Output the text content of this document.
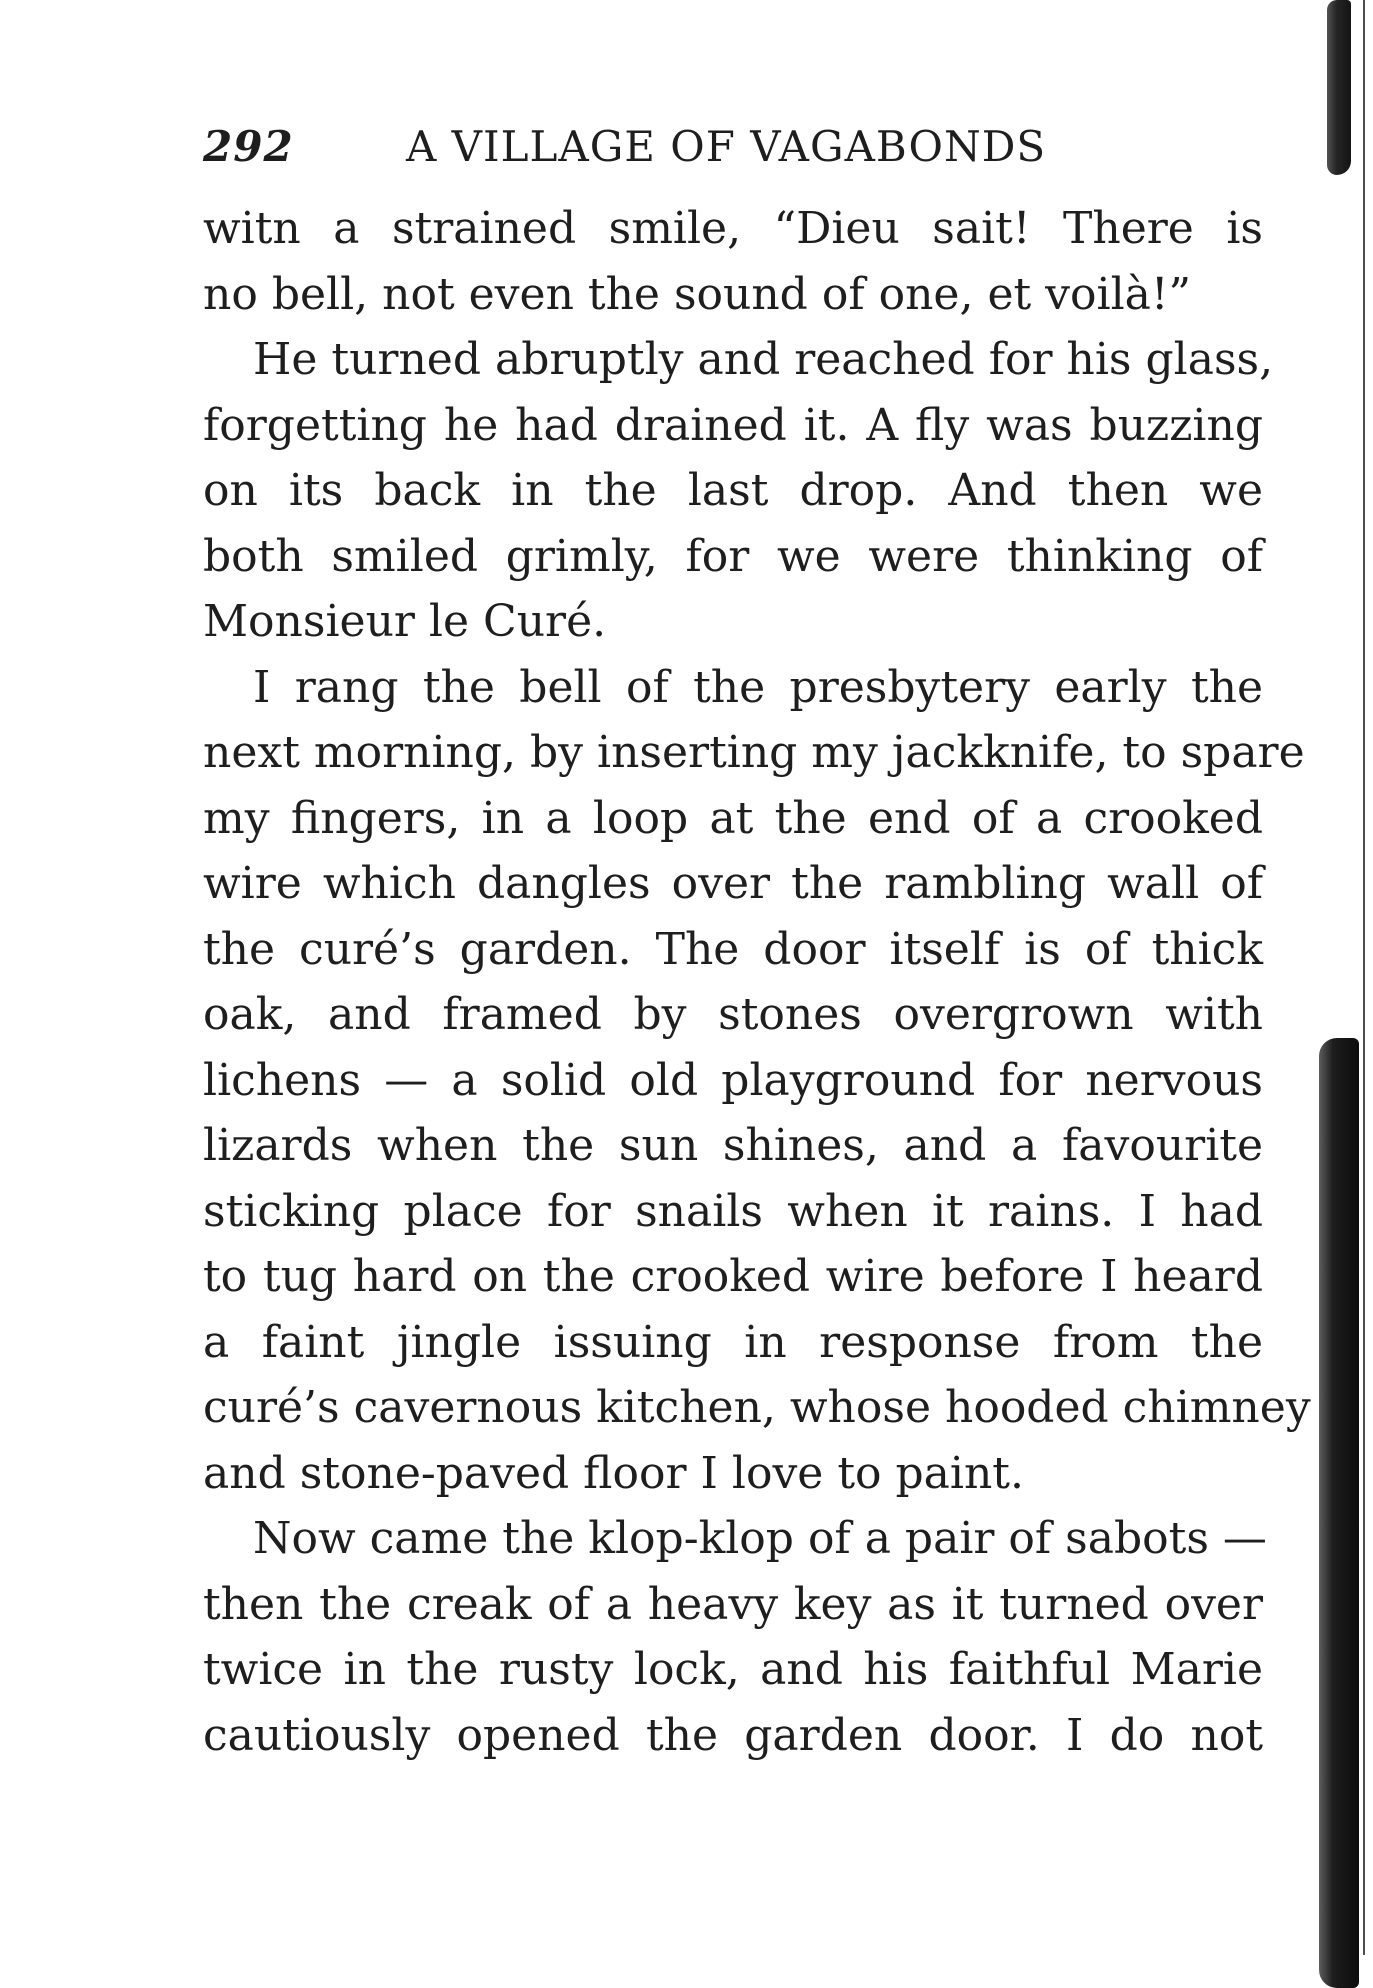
292	A VILLAGE OF VAGABONDS
witn a strained smile, “Dieu sait! There is
no bell, not even the sound of one, et voilà!”
He turned abruptly and reached for his glass,
forgetting he had drained it. A fly was buzzing
on its back in the last drop. And then we
both smiled grimly, for we were thinking of
Monsieur le Curé.
I rang the bell of the presbytery early the
next morning, by inserting my jackknife, to spare
my fingers, in a loop at the end of a crooked
wire which dangles over the rambling wall of
the curé’s garden. The door itself is of thick
oak, and framed by stones overgrown with
lichens — a solid old playground for nervous
lizards when the sun shines, and a favourite
sticking place for snails when it rains. I had
to tug hard on the crooked wire before I heard
a faint jingle issuing in response from the
curé’s cavernous kitchen, whose hooded chimney
and stone-paved floor I love to paint.
Now came the klop-klop of a pair of sabots —
then the creak of a heavy key as it turned over
twice in the rusty lock, and his faithful Marie
cautiously opened the garden door. I do not
